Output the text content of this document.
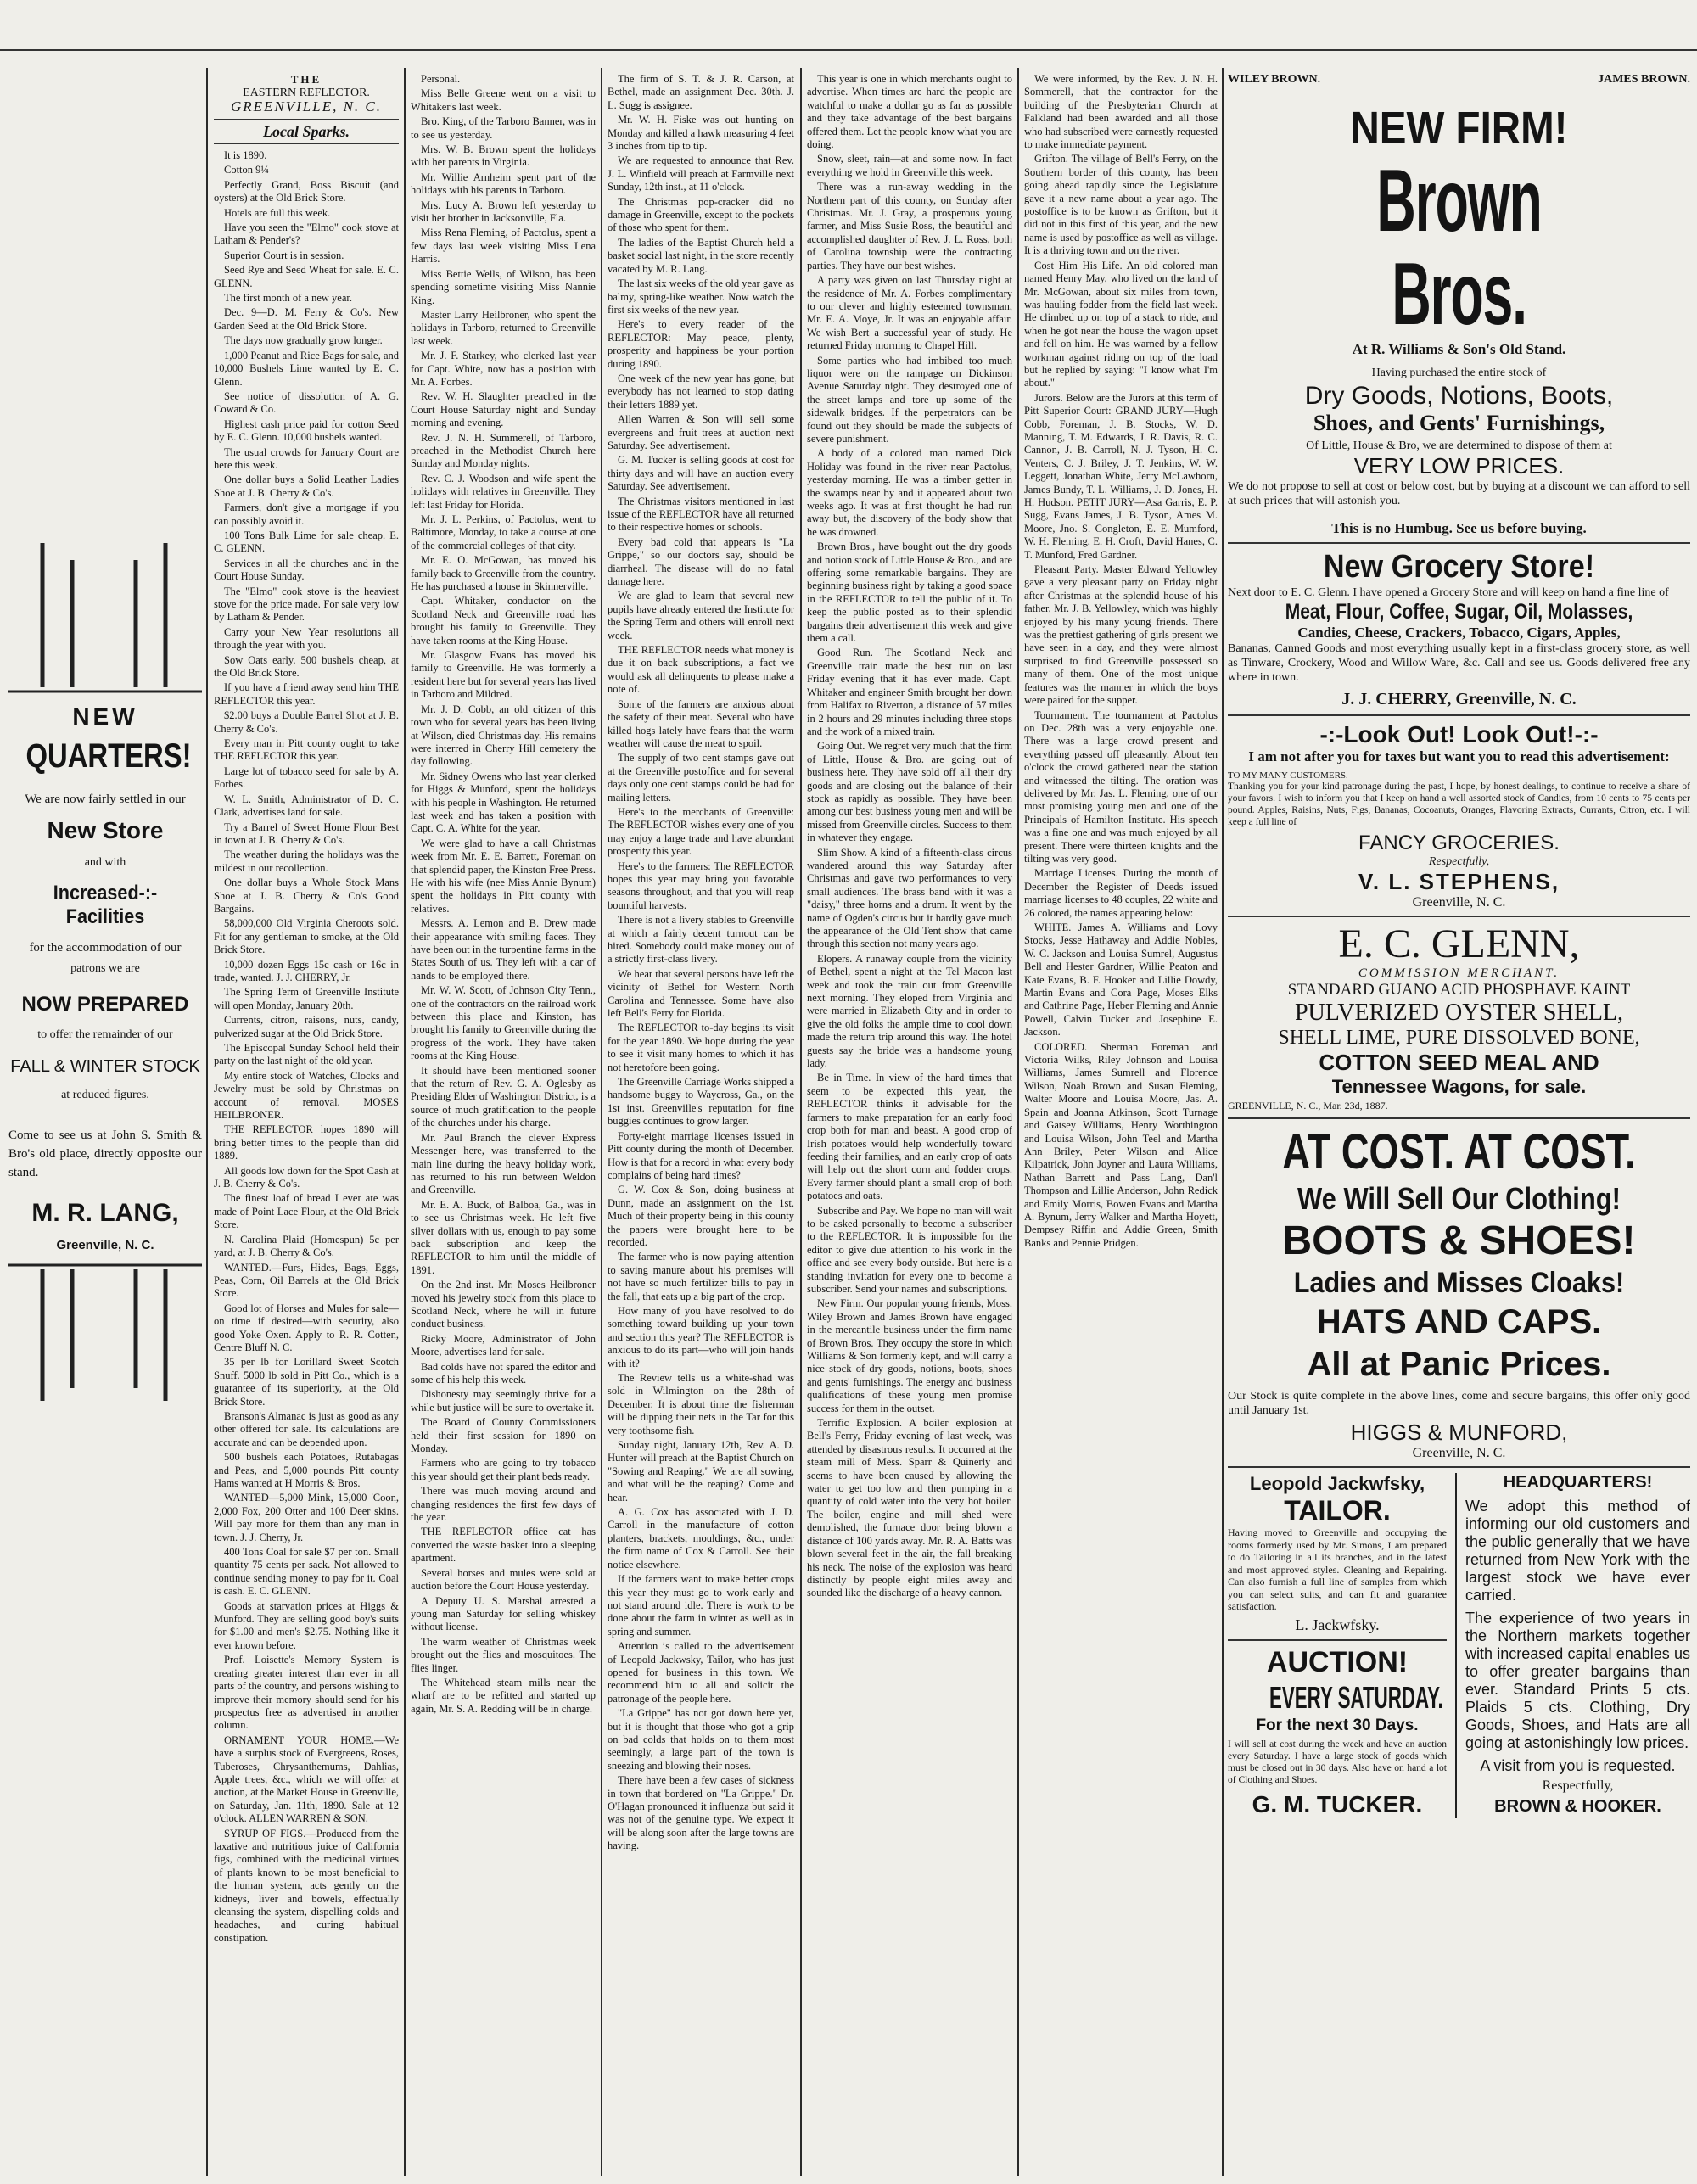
NEW
QUARTERS!
We are now fairly settled in our
New Store
and with
Increased-:-Facilities
for the accommodation of our
patrons we are
NOW PREPARED
to offer the remainder of our
FALL & WINTER STOCK
at reduced figures.
Come to see us at John S. Smith & Bro's old place, directly opposite our stand.
M. R. LANG,
Greenville, N. C.
THE
EASTERN REFLECTOR.
GREENVILLE, N. C.
Local Sparks.

It is 1890.

Cotton 9¼

Perfectly Grand, Boss Biscuit (and oysters) at the Old Brick Store.

Hotels are full this week.

Have you seen the "Elmo" cook stove at Latham & Pender's?

Superior Court is in session.

Seed Rye and Seed Wheat for sale. E. C. GLENN.

The first month of a new year.

Dec. 9—D. M. Ferry & Co's. New Garden Seed at the Old Brick Store.

The days now gradually grow longer.

1,000 Peanut and Rice Bags for sale, and 10,000 Bushels Lime wanted by E. C. Glenn.

See notice of dissolution of A. G. Coward & Co.

Highest cash price paid for cotton Seed by E. C. Glenn. 10,000 bushels wanted.

The usual crowds for January Court are here this week.

One dollar buys a Solid Leather Ladies Shoe at J. B. Cherry & Co's.

Farmers, don't give a mortgage if you can possibly avoid it.

100 Tons Bulk Lime for sale cheap. E. C. GLENN.

Services in all the churches and in the Court House Sunday.

The "Elmo" cook stove is the heaviest stove for the price made. For sale very low by Latham & Pender.

Carry your New Year resolutions all through the year with you.

Sow Oats early. 500 bushels cheap, at the Old Brick Store.

If you have a friend away send him THE REFLECTOR this year.

$2.00 buys a Double Barrel Shot at J. B. Cherry & Co's.

Every man in Pitt county ought to take THE REFLECTOR this year.

Large lot of tobacco seed for sale by A. Forbes.

W. L. Smith, Administrator of D. C. Clark, advertises land for sale.

Try a Barrel of Sweet Home Flour Best in town at J. B. Cherry & Co's.

The weather during the holidays was the mildest in our recollection.

One dollar buys a Whole Stock Mans Shoe at J. B. Cherry & Co's Good Bargains.

58,000,000 Old Virginia Cheroots sold. Fit for any gentleman to smoke, at the Old Brick Store.

10,000 dozen Eggs 15c cash or 16c in trade, wanted. J. J. CHERRY, Jr.

The Spring Term of Greenville Institute will open Monday, January 20th.

Currents, citron, raisons, nuts, candy, pulverized sugar at the Old Brick Store.

The Episcopal Sunday School held their party on the last night of the old year.

My entire stock of Watches, Clocks and Jewelry must be sold by Christmas on account of removal. MOSES HEILBRONER.

THE REFLECTOR hopes 1890 will bring better times to the people than did 1889.

All goods low down for the Spot Cash at J. B. Cherry & Co's.

The finest loaf of bread I ever ate was made of Point Lace Flour, at the Old Brick Store.

N. Carolina Plaid (Homespun) 5c per yard, at J. B. Cherry & Co's.

WANTED.—Furs, Hides, Bags, Eggs, Peas, Corn, Oil Barrels at the Old Brick Store.

Good lot of Horses and Mules for sale—on time if desired—with security, also good Yoke Oxen. Apply to R. R. Cotten, Centre Bluff N. C.

35 per lb for Lorillard Sweet Scotch Snuff. 5000 lb sold in Pitt Co., which is a guarantee of its superiority, at the Old Brick Store.

Branson's Almanac is just as good as any other offered for sale. Its calculations are accurate and can be depended upon.

500 bushels each Potatoes, Rutabagas and Peas, and 5,000 pounds Pitt county Hams wanted at H Morris & Bros.

WANTED—5,000 Mink, 15,000 'Coon, 2,000 Fox, 200 Otter and 100 Deer skins. Will pay more for them than any man in town. J. J. Cherry, Jr.

400 Tons Coal for sale $7 per ton. Small quantity 75 cents per sack. Not allowed to continue sending money to pay for it. Coal is cash. E. C. GLENN.

Goods at starvation prices at Higgs & Munford. They are selling good boy's suits for $1.00 and men's $2.75. Nothing like it ever known before.

Prof. Loisette's Memory System is creating greater interest than ever in all parts of the country, and persons wishing to improve their memory should send for his prospectus free as advertised in another column.

ORNAMENT YOUR HOME.—We have a surplus stock of Evergreens, Roses, Tuberoses, Chrysanthemums, Dahlias, Apple trees, &c., which we will offer at auction, at the Market House in Greenville, on Saturday, Jan. 11th, 1890. Sale at 12 o'clock. ALLEN WARREN & SON.

SYRUP OF FIGS.—Produced from the laxative and nutritious juice of California figs, combined with the medicinal virtues of plants known to be most beneficial to the human system, acts gently on the kidneys, liver and bowels, effectually cleansing the system, dispelling colds and headaches, and curing habitual constipation.

Personal.

Miss Belle Greene went on a visit to Whitaker's last week.

Bro. King, of the Tarboro Banner, was in to see us yesterday.

Mrs. W. B. Brown spent the holidays with her parents in Virginia.

Mr. Willie Arnheim spent part of the holidays with his parents in Tarboro.

Mrs. Lucy A. Brown left yesterday to visit her brother in Jacksonville, Fla.

Miss Rena Fleming, of Pactolus, spent a few days last week visiting Miss Lena Harris.

Miss Bettie Wells, of Wilson, has been spending sometime visiting Miss Nannie King.

Master Larry Heilbroner, who spent the holidays in Tarboro, returned to Greenville last week.

Mr. J. F. Starkey, who clerked last year for Capt. White, now has a position with Mr. A. Forbes.

Rev. W. H. Slaughter preached in the Court House Saturday night and Sunday morning and evening.

Rev. J. N. H. Summerell, of Tarboro, preached in the Methodist Church here Sunday and Monday nights.

Rev. C. J. Woodson and wife spent the holidays with relatives in Greenville. They left last Friday for Florida.

Mr. J. L. Perkins, of Pactolus, went to Baltimore, Monday, to take a course at one of the commercial colleges of that city.

Mr. E. O. McGowan, has moved his family back to Greenville from the country. He has purchased a house in Skinnerville.

Capt. Whitaker, conductor on the Scotland Neck and Greenville road has brought his family to Greenville. They have taken rooms at the King House.

Mr. Glasgow Evans has moved his family to Greenville. He was formerly a resident here but for several years has lived in Tarboro and Mildred.

Mr. J. D. Cobb, an old citizen of this town who for several years has been living at Wilson, died Christmas day. His remains were interred in Cherry Hill cemetery the day following.

Mr. Sidney Owens who last year clerked for Higgs & Munford, spent the holidays with his people in Washington. He returned last week and has taken a position with Capt. C. A. White for the year.

We were glad to have a call Christmas week from Mr. E. E. Barrett, Foreman on that splendid paper, the Kinston Free Press. He with his wife (nee Miss Annie Bynum) spent the holidays in Pitt county with relatives.

Messrs. A. Lemon and B. Drew made their appearance with smiling faces. They have been out in the turpentine farms in the States South of us. They left with a car of hands to be employed there.

Mr. W. W. Scott, of Johnson City Tenn., one of the contractors on the railroad work between this place and Kinston, has brought his family to Greenville during the progress of the work. They have taken rooms at the King House.

It should have been mentioned sooner that the return of Rev. G. A. Oglesby as Presiding Elder of Washington District, is a source of much gratification to the people of the churches under his charge.

Mr. Paul Branch the clever Express Messenger here, was transferred to the main line during the heavy holiday work, has returned to his run between Weldon and Greenville.

Mr. E. A. Buck, of Balboa, Ga., was in to see us Christmas week. He left five silver dollars with us, enough to pay some back subscription and keep the REFLECTOR to him until the middle of 1891.

On the 2nd inst. Mr. Moses Heilbroner moved his jewelry stock from this place to Scotland Neck, where he will in future conduct business.

Ricky Moore, Administrator of John Moore, advertises land for sale.

Bad colds have not spared the editor and some of his help this week.

Dishonesty may seemingly thrive for a while but justice will be sure to overtake it.

The Board of County Commissioners held their first session for 1890 on Monday.

Farmers who are going to try tobacco this year should get their plant beds ready.

There was much moving around and changing residences the first few days of the year.

THE REFLECTOR office cat has converted the waste basket into a sleeping apartment.

Several horses and mules were sold at auction before the Court House yesterday.

A Deputy U. S. Marshal arrested a young man Saturday for selling whiskey without license.

The warm weather of Christmas week brought out the flies and mosquitoes. The flies linger.

The Whitehead steam mills near the wharf are to be refitted and started up again, Mr. S. A. Redding will be in charge.

The firm of S. T. & J. R. Carson, at Bethel, made an assignment Dec. 30th. J. L. Sugg is assignee.

Mr. W. H. Fiske was out hunting on Monday and killed a hawk measuring 4 feet 3 inches from tip to tip.

We are requested to announce that Rev. J. L. Winfield will preach at Farmville next Sunday, 12th inst., at 11 o'clock.

The Christmas pop-cracker did no damage in Greenville, except to the pockets of those who spent for them.

The ladies of the Baptist Church held a basket social last night, in the store recently vacated by M. R. Lang.

The last six weeks of the old year gave as balmy, spring-like weather. Now watch the first six weeks of the new year.

Here's to every reader of the REFLECTOR: May peace, plenty, prosperity and happiness be your portion during 1890.

One week of the new year has gone, but everybody has not learned to stop dating their letters 1889 yet.

Allen Warren & Son will sell some evergreens and fruit trees at auction next Saturday. See advertisement.

G. M. Tucker is selling goods at cost for thirty days and will have an auction every Saturday. See advertisement.

The Christmas visitors mentioned in last issue of the REFLECTOR have all returned to their respective homes or schools.

Every bad cold that appears is "La Grippe," so our doctors say, should be diarrheal. The disease will do no fatal damage here.

We are glad to learn that several new pupils have already entered the Institute for the Spring Term and others will enroll next week.

THE REFLECTOR needs what money is due it on back subscriptions, a fact we would ask all delinquents to please make a note of.

Some of the farmers are anxious about the safety of their meat. Several who have killed hogs lately have fears that the warm weather will cause the meat to spoil.

The supply of two cent stamps gave out at the Greenville postoffice and for several days only one cent stamps could be had for mailing letters.

Here's to the merchants of Greenville: The REFLECTOR wishes every one of you may enjoy a large trade and have abundant prosperity this year.

Here's to the farmers: The REFLECTOR hopes this year may bring you favorable seasons throughout, and that you will reap bountiful harvests.

There is not a livery stables to Greenville at which a fairly decent turnout can be hired. Somebody could make money out of a strictly first-class livery.

We hear that several persons have left the vicinity of Bethel for Western North Carolina and Tennessee. Some have also left Bell's Ferry for Florida.

The REFLECTOR to-day begins its visit for the year 1890. We hope during the year to see it visit many homes to which it has not heretofore been going.

The Greenville Carriage Works shipped a handsome buggy to Waycross, Ga., on the 1st inst. Greenville's reputation for fine buggies continues to grow larger.

Forty-eight marriage licenses issued in Pitt county during the month of December. How is that for a record in what every body complains of being hard times?

G. W. Cox & Son, doing business at Dunn, made an assignment on the 1st. Much of their property being in this county the papers were brought here to be recorded.

The farmer who is now paying attention to saving manure about his premises will not have so much fertilizer bills to pay in the fall, that eats up a big part of the crop.

How many of you have resolved to do something toward building up your town and section this year? The REFLECTOR is anxious to do its part—who will join hands with it?

The Review tells us a white-shad was sold in Wilmington on the 28th of December. It is about time the fisherman will be dipping their nets in the Tar for this very toothsome fish.

Sunday night, January 12th, Rev. A. D. Hunter will preach at the Baptist Church on "Sowing and Reaping." We are all sowing, and what will be the reaping? Come and hear.

A. G. Cox has associated with J. D. Carroll in the manufacture of cotton planters, brackets, mouldings, &c., under the firm name of Cox & Carroll. See their notice elsewhere.

If the farmers want to make better crops this year they must go to work early and not stand around idle. There is work to be done about the farm in winter as well as in spring and summer.

Attention is called to the advertisement of Leopold Jackwsky, Tailor, who has just opened for business in this town. We recommend him to all and solicit the patronage of the people here.

"La Grippe" has not got down here yet, but it is thought that those who got a grip on bad colds that holds on to them most seemingly, a large part of the town is sneezing and blowing their noses.

There have been a few cases of sickness in town that bordered on "La Grippe." Dr. O'Hagan pronounced it influenza but said it was not of the genuine type. We expect it will be along soon after the large towns are having.

This year is one in which merchants ought to advertise. When times are hard the people are watchful to make a dollar go as far as possible and they take advantage of the best bargains offered them. Let the people know what you are doing.

Snow, sleet, rain—at and some now. In fact everything we hold in Greenville this week.

There was a run-away wedding in the Northern part of this county, on Sunday after Christmas. Mr. J. Gray, a prosperous young farmer, and Miss Susie Ross, the beautiful and accomplished daughter of Rev. J. L. Ross, both of Carolina township were the contracting parties. They have our best wishes.

A party was given on last Thursday night at the residence of Mr. A. Forbes complimentary to our clever and highly esteemed townsman, Mr. E. A. Moye, Jr. It was an enjoyable affair. We wish Bert a successful year of study. He returned Friday morning to Chapel Hill.

Some parties who had imbibed too much liquor were on the rampage on Dickinson Avenue Saturday night. They destroyed one of the street lamps and tore up some of the sidewalk bridges. If the perpetrators can be found out they should be made the subjects of severe punishment.

A body of a colored man named Dick Holiday was found in the river near Pactolus, yesterday morning. He was a timber getter in the swamps near by and it appeared about two weeks ago. It was at first thought he had run away but, the discovery of the body show that he was drowned.

Brown Bros., have bought out the dry goods and notion stock of Little House & Bro., and are offering some remarkable bargains. They are beginning business right by taking a good space in the REFLECTOR to tell the public of it. To keep the public posted as to their splendid bargains their advertisement this week and give them a call.

Good Run. The Scotland Neck and Greenville train made the best run on last Friday evening that it has ever made. Capt. Whitaker and engineer Smith brought her down from Halifax to Riverton, a distance of 57 miles in 2 hours and 29 minutes including three stops and the work of a mixed train.

Going Out. We regret very much that the firm of Little, House & Bro. are going out of business here. They have sold off all their dry goods and are closing out the balance of their stock as rapidly as possible. They have been among our best business young men and will be missed from Greenville circles. Success to them in whatever they engage.

Slim Show. A kind of a fifteenth-class circus wandered around this way Saturday after Christmas and gave two performances to very small audiences. The brass band with it was a "daisy," three horns and a drum. It went by the name of Ogden's circus but it hardly gave much the appearance of the Old Tent show that came through this section not many years ago.

Elopers. A runaway couple from the vicinity of Bethel, spent a night at the Tel Macon last week and took the train out from Greenville next morning. They eloped from Virginia and were married in Elizabeth City and in order to give the old folks the ample time to cool down made the return trip around this way. The hotel guests say the bride was a handsome young lady.

Be in Time. In view of the hard times that seem to be expected this year, the REFLECTOR thinks it advisable for the farmers to make preparation for an early food crop both for man and beast. A good crop of Irish potatoes would help wonderfully toward feeding their families, and an early crop of oats will help out the short corn and fodder crops. Every farmer should plant a small crop of both potatoes and oats.

Subscribe and Pay. We hope no man will wait to be asked personally to become a subscriber to the REFLECTOR. It is impossible for the editor to give due attention to his work in the office and see every body outside. But here is a standing invitation for every one to become a subscriber. Send your names and subscriptions.

New Firm. Our popular young friends, Moss. Wiley Brown and James Brown have engaged in the mercantile business under the firm name of Brown Bros. They occupy the store in which Williams & Son formerly kept, and will carry a nice stock of dry goods, notions, boots, shoes and gents' furnishings. The energy and business qualifications of these young men promise success for them in the outset.

Terrific Explosion. A boiler explosion at Bell's Ferry, Friday evening of last week, was attended by disastrous results. It occurred at the steam mill of Mess. Sparr & Quinerly and seems to have been caused by allowing the water to get too low and then pumping in a quantity of cold water into the very hot boiler. The boiler, engine and mill shed were demolished, the furnace door being blown a distance of 100 yards away. Mr. R. A. Batts was blown several feet in the air, the fall breaking his neck. The noise of the explosion was heard distinctly by people eight miles away and sounded like the discharge of a heavy cannon.

We were informed, by the Rev. J. N. H. Sommerell, that the contractor for the building of the Presbyterian Church at Falkland had been awarded and all those who had subscribed were earnestly requested to make immediate payment.

Grifton. The village of Bell's Ferry, on the Southern border of this county, has been going ahead rapidly since the Legislature gave it a new name about a year ago. The postoffice is to be known as Grifton, but it did not in this first of this year, and the new name is used by postoffice as well as village. It is a thriving town and on the river.

Cost Him His Life. An old colored man named Henry May, who lived on the land of Mr. McGowan, about six miles from town, was hauling fodder from the field last week. He climbed up on top of a stack to ride, and when he got near the house the wagon upset and fell on him. He was warned by a fellow workman against riding on top of the load but he replied by saying: "I know what I'm about."

Jurors. Below are the Jurors at this term of Pitt Superior Court: GRAND JURY—Hugh Cobb, Foreman, J. B. Stocks, W. D. Manning, T. M. Edwards, J. R. Davis, R. C. Cannon, J. B. Carroll, N. J. Tyson, H. C. Venters, C. J. Briley, J. T. Jenkins, W. W. Leggett, Jonathan White, Jerry McLawhorn, James Bundy, T. L. Williams, J. D. Jones, H. H. Hudson. PETIT JURY—Asa Garris, E. P. Sugg, Evans James, J. B. Tyson, Ames M. Moore, Jno. S. Congleton, E. E. Mumford, W. H. Fleming, E. H. Croft, David Hanes, C. T. Munford, Fred Gardner.

Pleasant Party. Master Edward Yellowley gave a very pleasant party on Friday night after Christmas at the splendid house of his father, Mr. J. B. Yellowley, which was highly enjoyed by his many young friends. There was the prettiest gathering of girls present we have seen in a day, and they were almost surprised to find Greenville possessed so many of them. One of the most unique features was the manner in which the boys were paired for the supper.

Tournament. The tournament at Pactolus on Dec. 28th was a very enjoyable one. There was a large crowd present and everything passed off pleasantly. About ten o'clock the crowd gathered near the station and witnessed the tilting. The oration was delivered by Mr. Jas. L. Fleming, one of our most promising young men and one of the Principals of Hamilton Institute. His speech was a fine one and was much enjoyed by all present. There were thirteen knights and the tilting was very good.

Marriage Licenses. During the month of December the Register of Deeds issued marriage licenses to 48 couples, 22 white and 26 colored, the names appearing below:

WHITE. James A. Williams and Lovy Stocks, Jesse Hathaway and Addie Nobles, W. C. Jackson and Louisa Sumrel, Augustus Bell and Hester Gardner, Willie Peaton and Kate Evans, B. F. Hooker and Lillie Dowdy, Martin Evans and Cora Page, Moses Elks and Cathrine Page, Heber Fleming and Annie Powell, Calvin Tucker and Josephine E. Jackson.

COLORED. Sherman Foreman and Victoria Wilks, Riley Johnson and Louisa Williams, James Sumrell and Florence Wilson, Noah Brown and Susan Fleming, Walter Moore and Louisa Moore, Jas. A. Spain and Joanna Atkinson, Scott Turnage and Gatsey Williams, Henry Worthington and Louisa Wilson, John Teel and Martha Ann Briley, Peter Wilson and Alice Kilpatrick, John Joyner and Laura Williams, Nathan Barrett and Pass Lang, Dan'l Thompson and Lillie Anderson, John Redick and Emily Morris, Bowen Evans and Martha A. Bynum, Jerry Walker and Martha Hoyett, Dempsey Riffin and Addie Green, Smith Banks and Pennie Pridgen.

WILEY BROWN.	JAMES BROWN.
NEW FIRM!
Brown Bros.
At R. Williams & Son's Old Stand.
Having purchased the entire stock of
Dry Goods, Notions, Boots,
Shoes, and Gents' Furnishings,
Of Little, House & Bro, we are determined to dispose of them at
VERY LOW PRICES.
We do not propose to sell at cost or below cost, but by buying at a discount we can afford to sell at such prices that will astonish you.
This is no Humbug. See us before buying.
New Grocery Store!
Next door to E. C. Glenn. I have opened a Grocery Store and will keep on hand a fine line of
Meat, Flour, Coffee, Sugar, Oil, Molasses,
Candies, Cheese, Crackers, Tobacco, Cigars, Apples,
Bananas, Canned Goods and most everything usually kept in a first-class grocery store, as well as Tinware, Crockery, Wood and Willow Ware, &c. Call and see us. Goods delivered free any where in town.
J. J. CHERRY, Greenville, N. C.
-:-Look Out! Look Out!-:-
I am not after you for taxes but want you to read this advertisement:
TO MY MANY CUSTOMERS.
Thanking you for your kind patronage during the past, I hope, by honest dealings, to continue to receive a share of your favors. I wish to inform you that I keep on hand a well assorted stock of Candies, from 10 cents to 75 cents per pound. Apples, Raisins, Nuts, Figs, Bananas, Cocoanuts, Oranges, Flavoring Extracts, Currants, Citron, etc. I will keep a full line of
FANCY GROCERIES.
Respectfully,
V. L. STEPHENS,
Greenville, N. C.
E. C. GLENN,
COMMISSION MERCHANT.
STANDARD GUANO ACID PHOSPHAVE KAINT
PULVERIZED OYSTER SHELL,
SHELL LIME, PURE DISSOLVED BONE,
COTTON SEED MEAL AND
Tennessee Wagons, for sale.
GREENVILLE, N. C., Mar. 23d, 1887.
AT COST. AT COST.
We Will Sell Our Clothing!
BOOTS & SHOES!
Ladies and Misses Cloaks!
HATS AND CAPS.
All at Panic Prices.
Our Stock is quite complete in the above lines, come and secure bargains, this offer only good until January 1st.
HIGGS & MUNFORD,
Greenville, N. C.
Leopold Jackwfsky,
TAILOR.
Having moved to Greenville and occupying the rooms formerly used by Mr. Simons, I am prepared to do Tailoring in all its branches, and in the latest and most approved styles. Cleaning and Repairing. Can also furnish a full line of samples from which you can select suits, and can fit and guarantee satisfaction.
L. Jackwfsky.
AUCTION!
EVERY SATURDAY.
For the next 30 Days.
I will sell at cost during the week and have an auction every Saturday. I have a large stock of goods which must be closed out in 30 days. Also have on hand a lot of Clothing and Shoes.
G. M. TUCKER.
HEADQUARTERS!
We adopt this method of informing our old customers and the public generally that we have returned from New York with the largest stock we have ever carried.
The experience of two years in the Northern markets together with increased capital enables us to offer greater bargains than ever. Standard Prints 5 cts. Plaids 5 cts. Clothing, Dry Goods, Shoes, and Hats are all going at astonishingly low prices.
A visit from you is requested.
Respectfully,
BROWN & HOOKER.
